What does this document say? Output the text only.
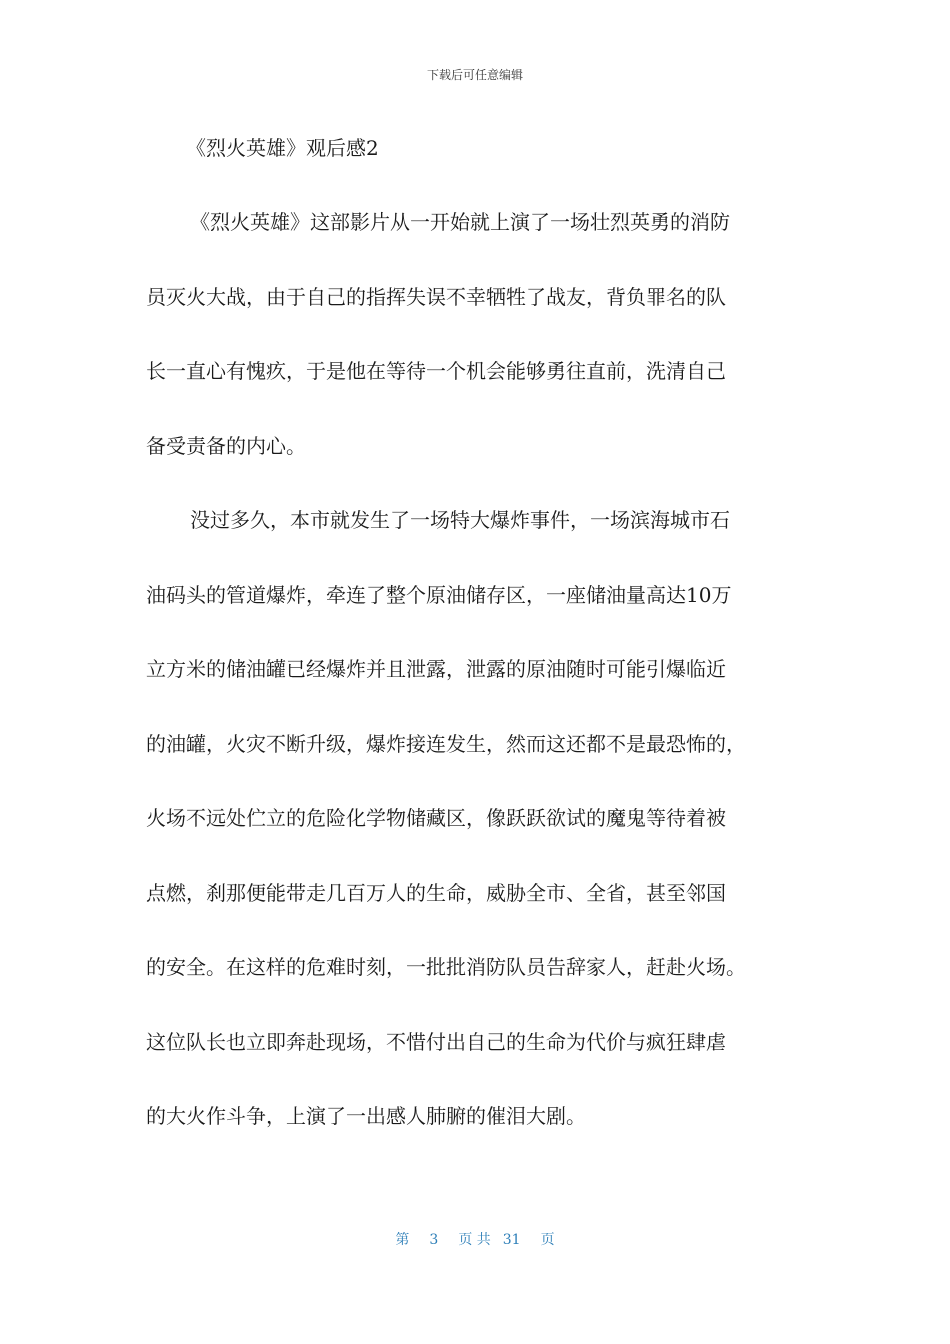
下载后可任意编辑
《烈火英雄》观后感2

《烈火英雄》这部影片从一开始就上演了一场壮烈英勇的消防
员灭火大战，由于自己的指挥失误不幸牺牲了战友，背负罪名的队
长一直心有愧疚，于是他在等待一个机会能够勇往直前，洗清自己
备受责备的内心。

没过多久，本市就发生了一场特大爆炸事件，一场滨海城市石
油码头的管道爆炸，牵连了整个原油储存区，一座储油量高达10万
立方米的储油罐已经爆炸并且泄露，泄露的原油随时可能引爆临近
的油罐，火灾不断升级，爆炸接连发生，然而这还都不是最恐怖的，
火场不远处伫立的危险化学物储藏区，像跃跃欲试的魔鬼等待着被
点燃，刹那便能带走几百万人的生命，威胁全市、全省，甚至邻国
的安全。在这样的危难时刻，一批批消防队员告辞家人，赶赴火场。
这位队长也立即奔赴现场，不惜付出自己的生命为代价与疯狂肆虐
的大火作斗争，上演了一出感人肺腑的催泪大剧。

第 3 页 共 31 页
